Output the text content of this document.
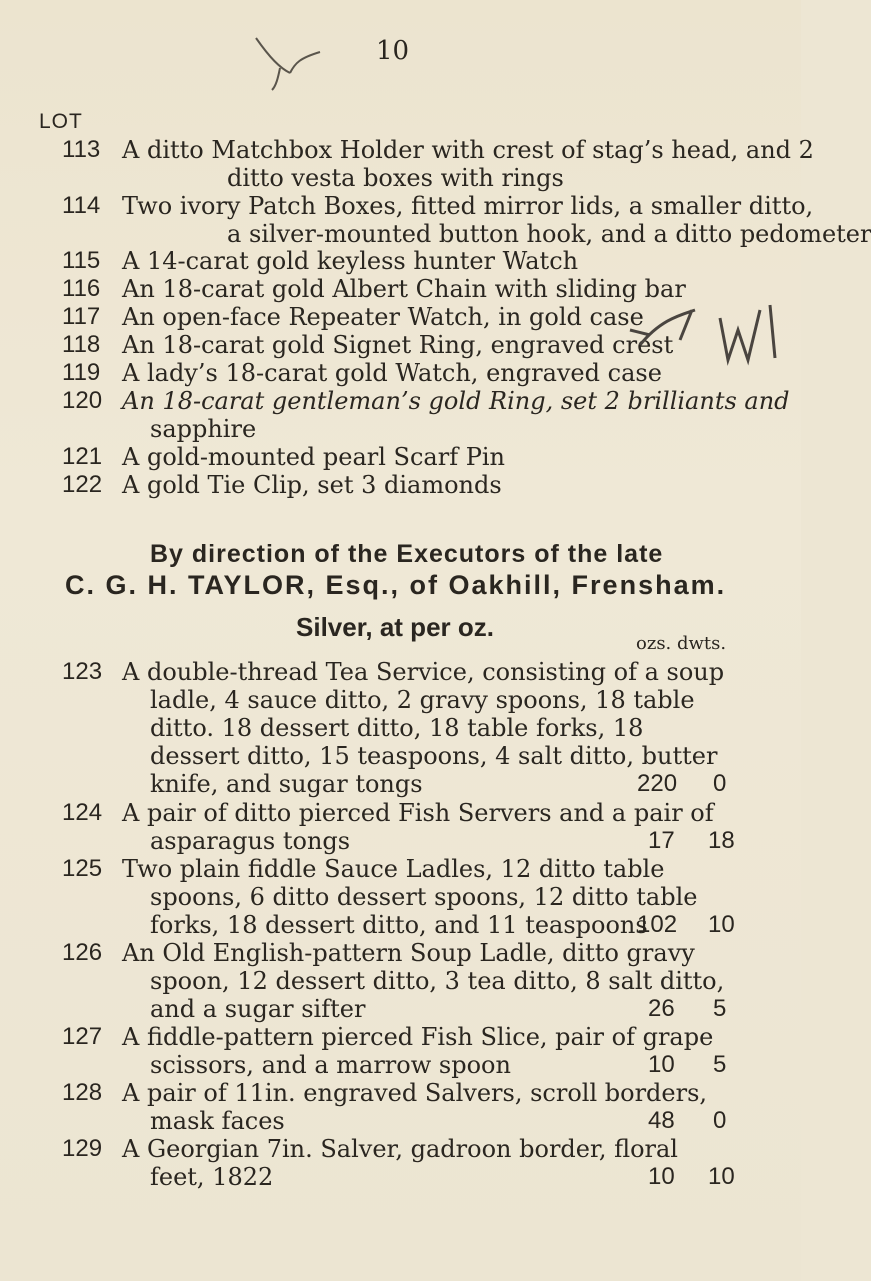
10
LOT
113 A ditto Matchbox Holder with crest of stag’s head, and 2
ditto vesta boxes with rings
114 Two ivory Patch Boxes, fitted mirror lids, a smaller ditto,
a silver-mounted button hook, and a ditto pedometer
115 A 14-carat gold keyless hunter Watch
116 An 18-carat gold Albert Chain with sliding bar
117 An open-face Repeater Watch, in gold case
118 An 18-carat gold Signet Ring, engraved crest
119 A lady’s 18-carat gold Watch, engraved case
120 An 18-carat gentleman’s gold Ring, set 2 brilliants and
sapphire
121 A gold-mounted pearl Scarf Pin
122 A gold Tie Clip, set 3 diamonds
By direction of the Executors of the late
C. G. H. TAYLOR, Esq., of Oakhill, Frensham.
Silver, at per oz.
ozs. dwts.
123 A double-thread Tea Service, consisting of a soup
ladle, 4 sauce ditto, 2 gravy spoons, 18 table
ditto. 18 dessert ditto, 18 table forks, 18
dessert ditto, 15 teaspoons, 4 salt ditto, butter
knife, and sugar tongs	220 0
124 A pair of ditto pierced Fish Servers and a pair of
asparagus tongs	17 18
125 Two plain fiddle Sauce Ladles, 12 ditto table
spoons, 6 ditto dessert spoons, 12 ditto table
forks, 18 dessert ditto, and 11 teaspoons
102 10
126 An Old English-pattern Soup Ladle, ditto gravy
spoon, 12 dessert ditto, 3 tea ditto, 8 salt ditto,
and a sugar sifter	26 5
127 A fiddle-pattern pierced Fish Slice, pair of grape
scissors, and a marrow spoon	10 5
128 A pair of 11in. engraved Salvers, scroll borders,
mask faces	48 0
129 A Georgian 7in. Salver, gadroon border, floral
feet, 1822	10 10
